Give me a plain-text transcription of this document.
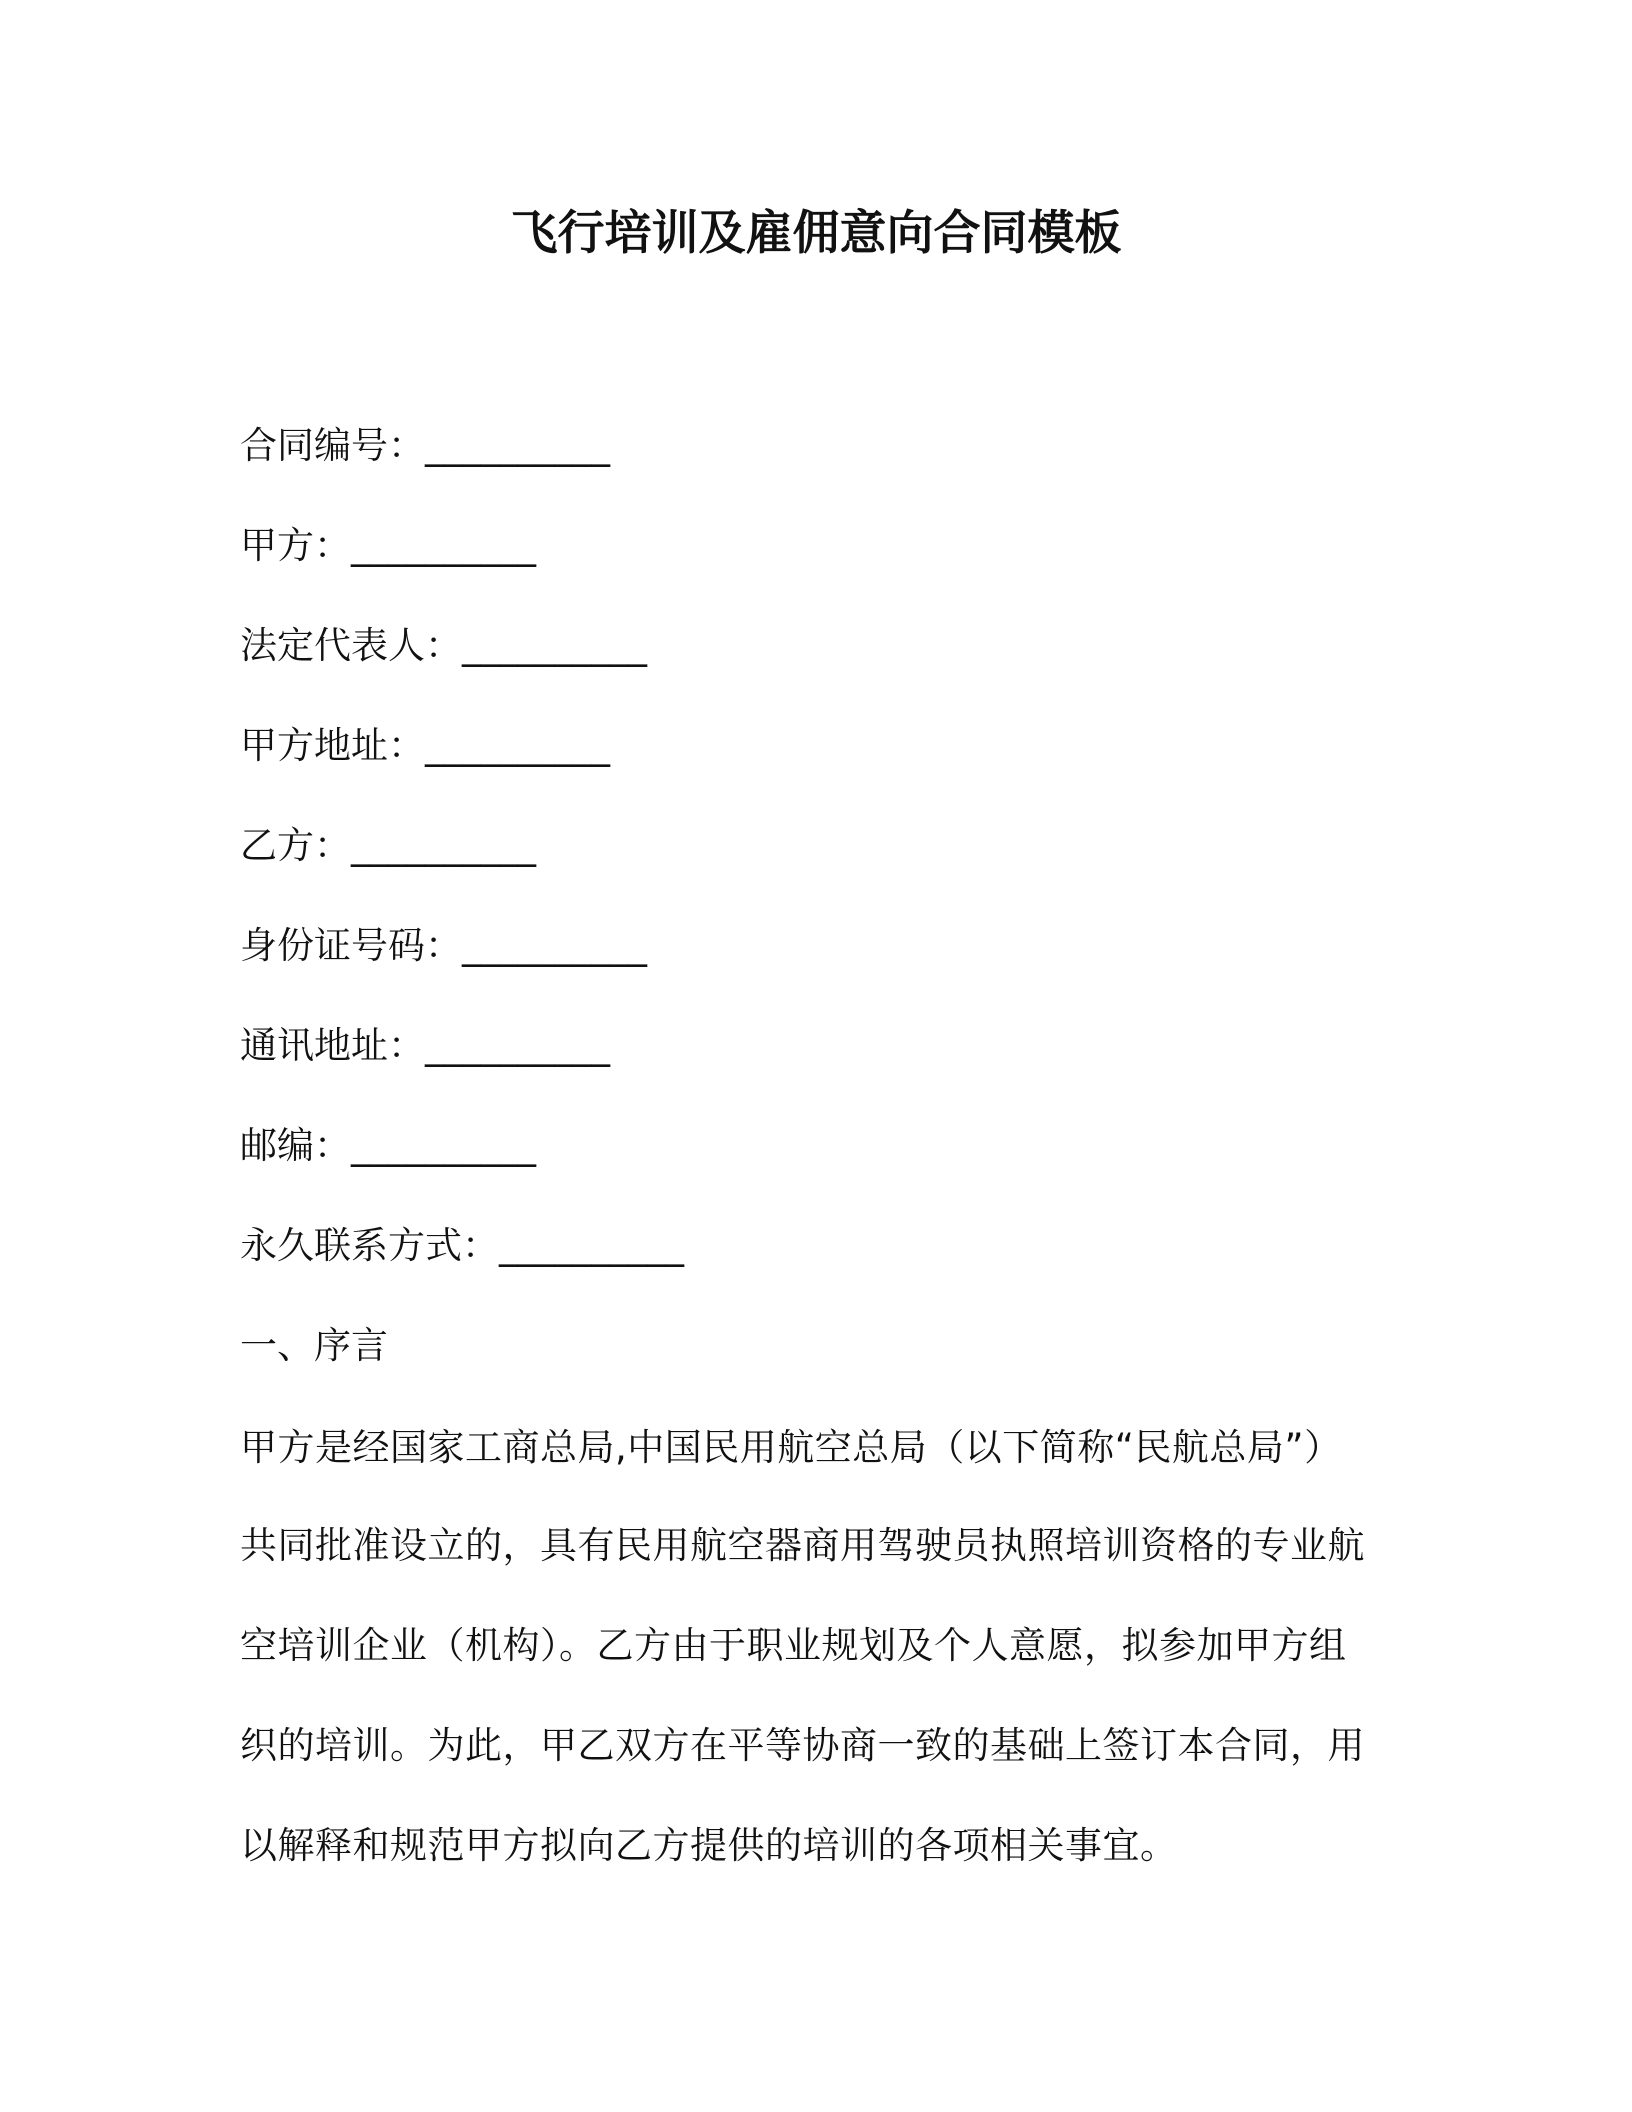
飞行培训及雇佣意向合同模板
合同编号：__________
甲方：__________
法定代表人：__________
甲方地址：__________
乙方：__________
身份证号码：__________
通讯地址：__________
邮编：__________
永久联系方式：__________
一、序言
甲方是经国家工商总局,中国民用航空总局（以下简称“民航总局”）
共同批准设立的，具有民用航空器商用驾驶员执照培训资格的专业航
空培训企业（机构）。乙方由于职业规划及个人意愿，拟参加甲方组
织的培训。为此，甲乙双方在平等协商一致的基础上签订本合同，用
以解释和规范甲方拟向乙方提供的培训的各项相关事宜。
